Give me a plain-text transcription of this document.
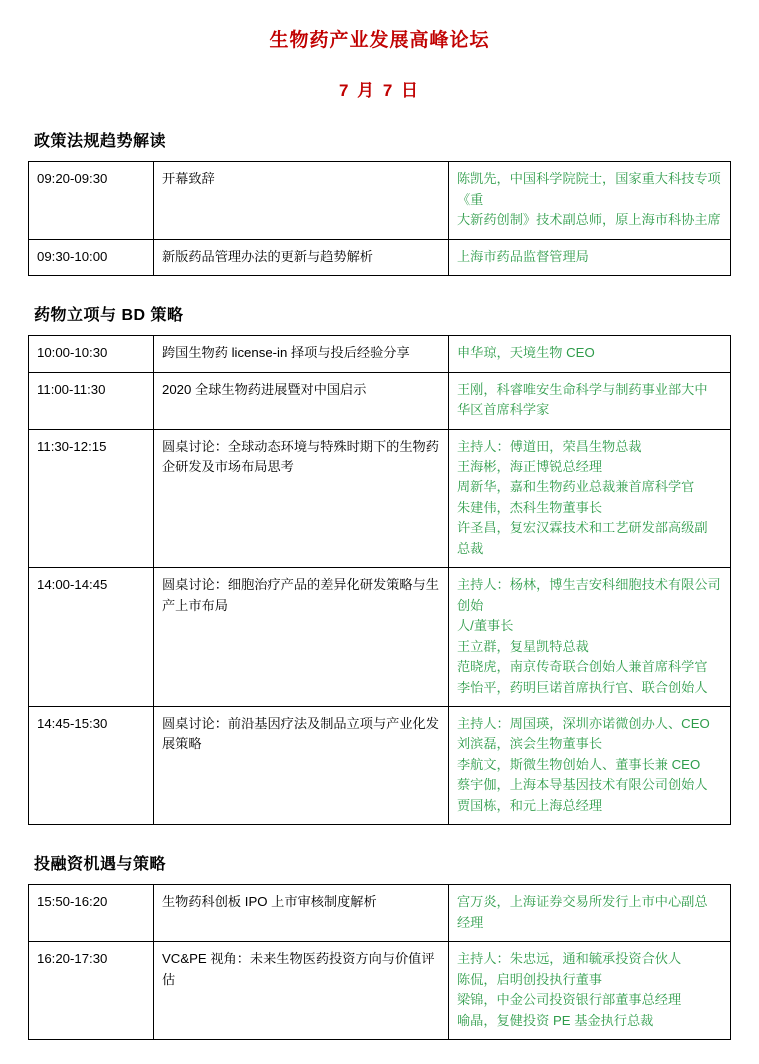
生物药产业发展高峰论坛
7 月 7 日
政策法规趋势解读
09:20-09:30	开幕致辞	陈凯先，中国科学院院士，国家重大科技专项《重
大新药创制》技术副总师，原上海市科协主席

09:30-10:00	新版药品管理办法的更新与趋势解析	上海市药品监督管理局
药物立项与 BD 策略
10:00-10:30	跨国生物药 license-in 择项与投后经验分享	申华琼，天境生物 CEO

11:00-11:30	2020 全球生物药进展暨对中国启示	王刚，科睿唯安生命科学与制药事业部大中
华区首席科学家

11:30-12:15	圆桌讨论：全球动态环境与特殊时期下的生物药企研发及市场布局思考	
主持人：傅道田，荣昌生物总裁
王海彬，海正博锐总经理
周新华，嘉和生物药业总裁兼首席科学官
朱建伟，杰科生物董事长
许圣昌，复宏汉霖技术和工艺研发部高级副
总裁

14:00-14:45	圆桌讨论：细胞治疗产品的差异化研发策略与生产上市布局	主持人：杨林，博生吉安科细胞技术有限公司创始
人/董事长
王立群，复星凯特总裁
范晓虎，南京传奇联合创始人兼首席科学官
李怡平，药明巨诺首席执行官、联合创始人

14:45-15:30	圆桌讨论：前沿基因疗法及制品立项与产业化发展策略	主持人：周国瑛，深圳亦诺微创办人、CEO
刘滨磊，滨会生物董事长
李航文，斯微生物创始人、董事长兼 CEO
蔡宇伽，上海本导基因技术有限公司创始人
贾国栋，和元上海总经理
投融资机遇与策略
15:50-16:20	生物药科创板 IPO 上市审核制度解析	宫万炎，上海证券交易所发行上市中心副总
经理

16:20-17:30	VC&PE 视角：未来生物医药投资方向与价值评估	主持人：朱忠远，通和毓承投资合伙人
陈侃，启明创投执行董事
梁锦，中金公司投资银行部董事总经理
喻晶，复健投资 PE 基金执行总裁
